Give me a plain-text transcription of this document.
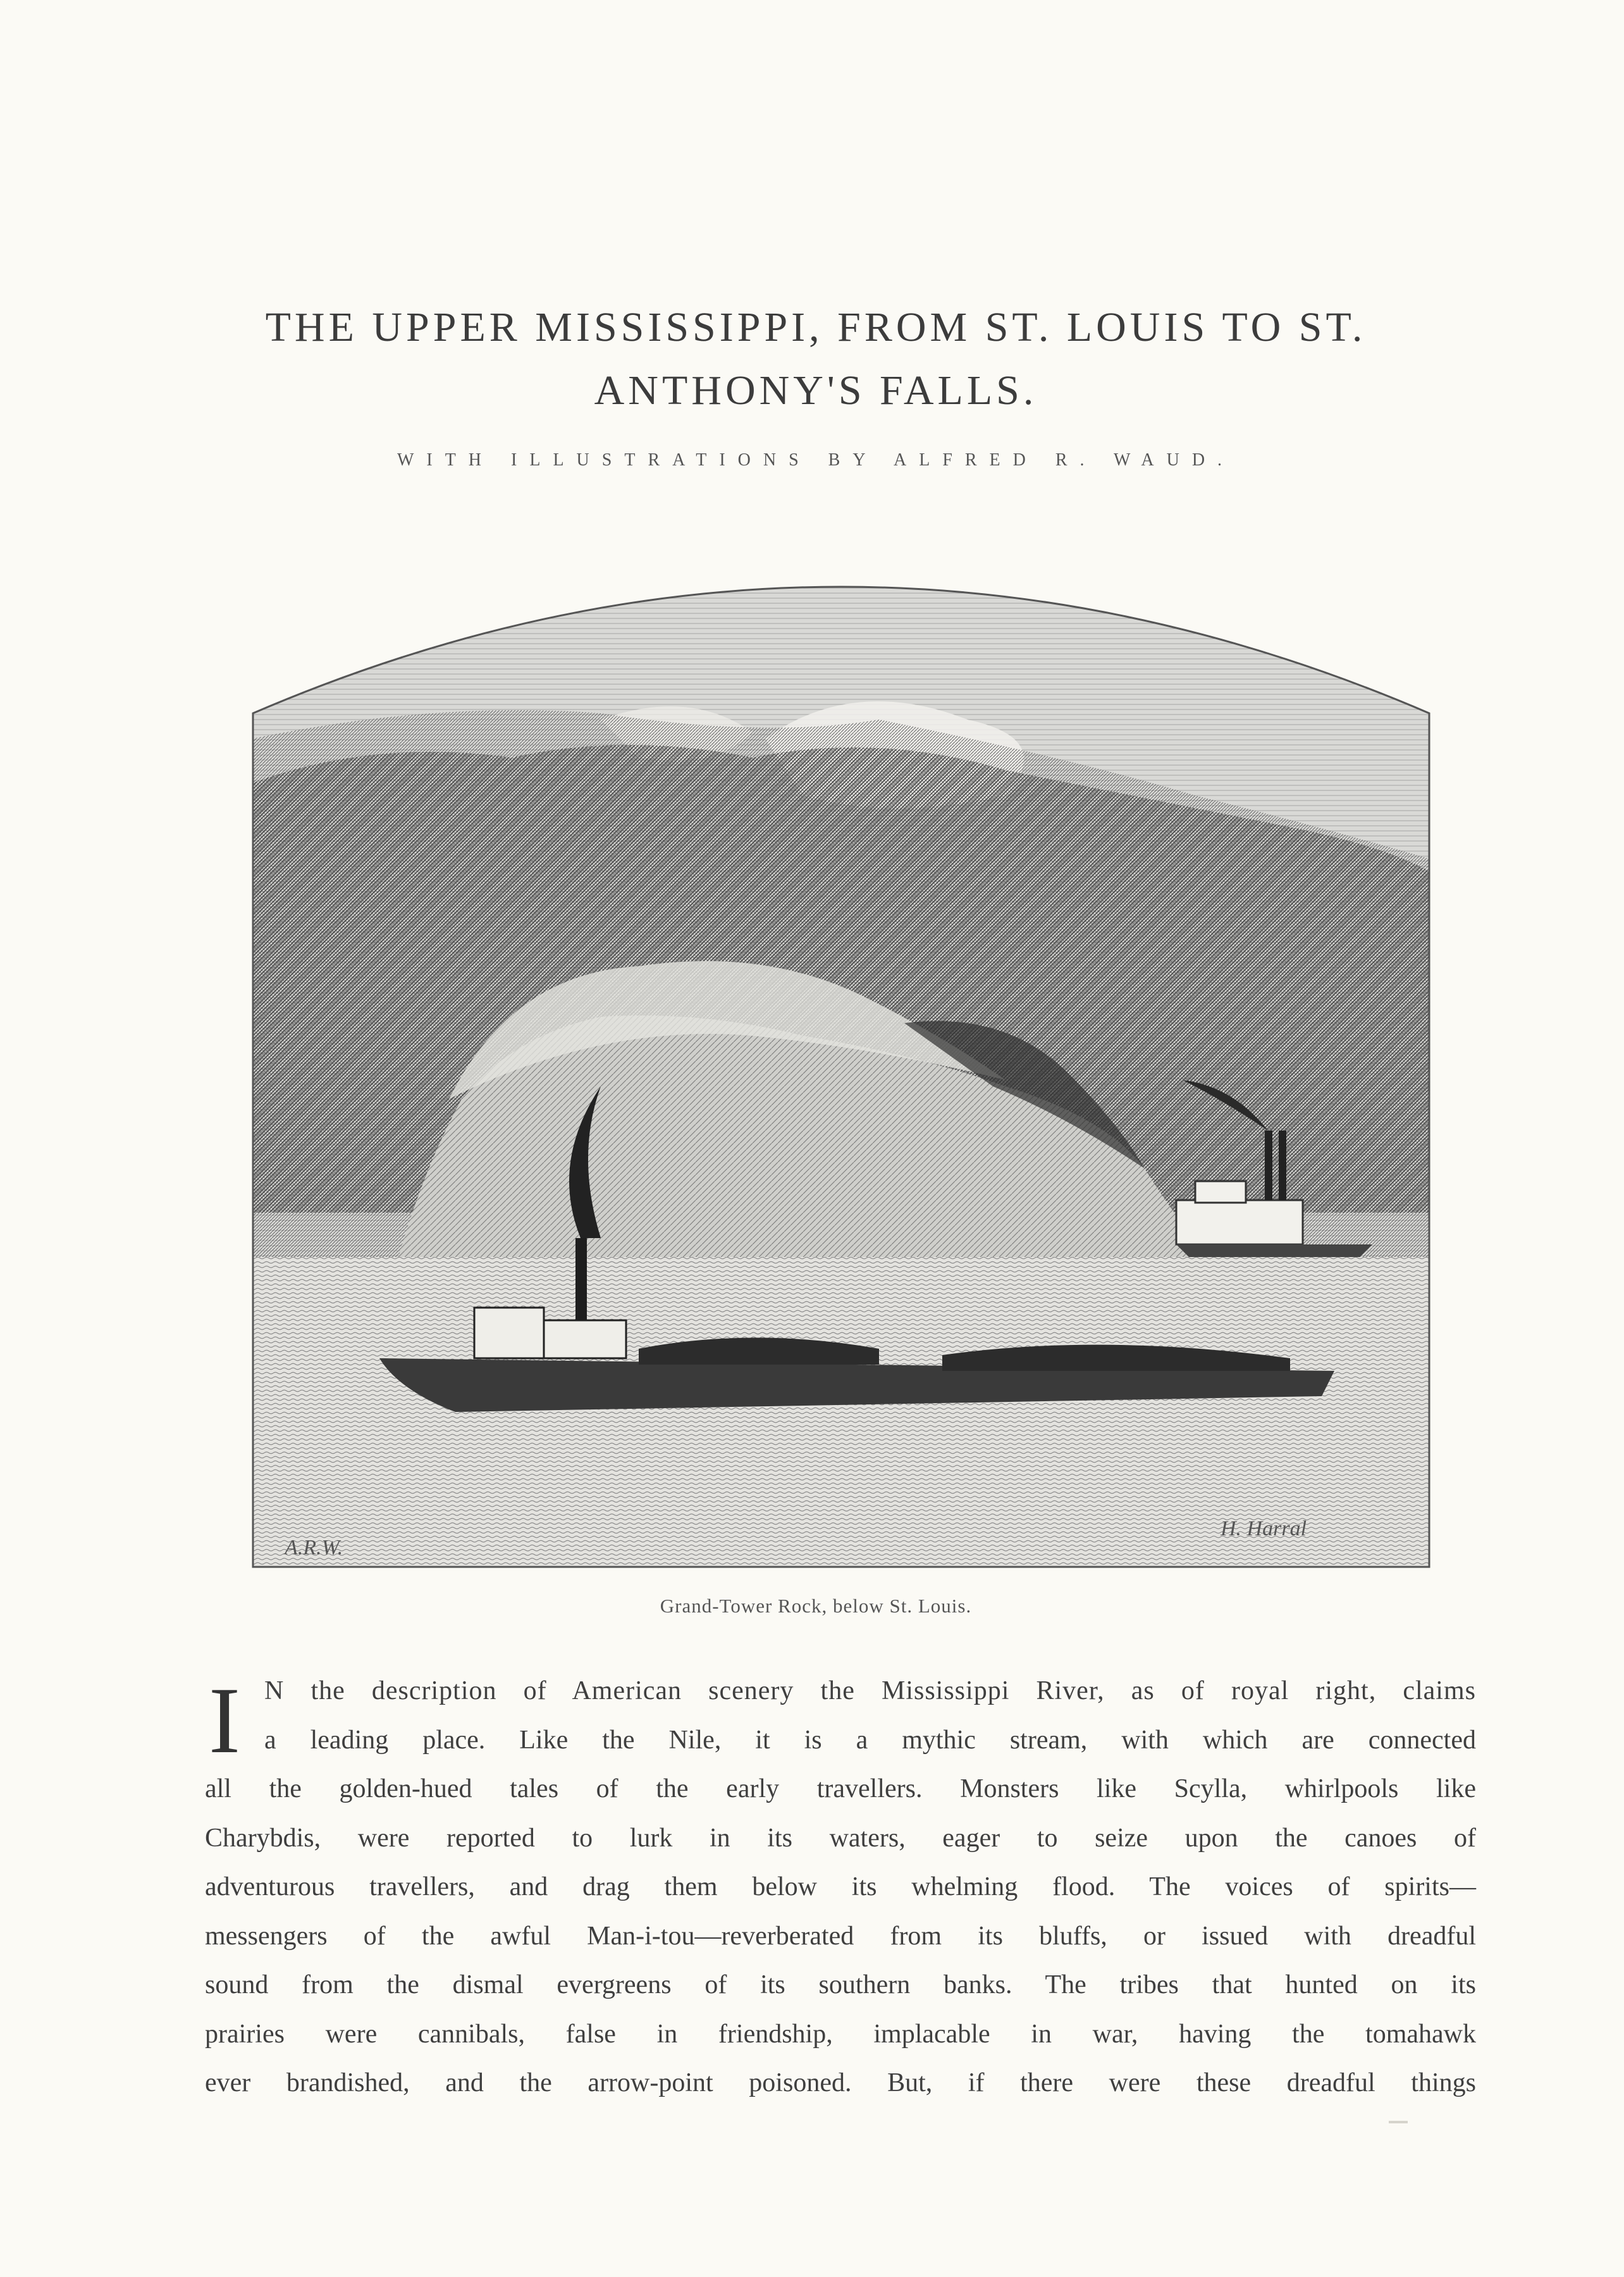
THE UPPER MISSISSIPPI, FROM ST. LOUIS TO ST.
ANTHONY'S FALLS.
WITH ILLUSTRATIONS BY ALFRED R. WAUD.
A.R.W.
H. Harral
Grand-Tower Rock, below St. Louis.
I N the description of American scenery the Mississippi River, as of royal right, claims
a leading place. Like the Nile, it is a mythic stream, with which are connected
all the golden-hued tales of the early travellers. Monsters like Scylla, whirlpools like
Charybdis, were reported to lurk in its waters, eager to seize upon the canoes of
adventurous travellers, and drag them below its whelming flood. The voices of spirits—
messengers of the awful Man-i-tou—reverberated from its bluffs, or issued with dreadful
sound from the dismal evergreens of its southern banks. The tribes that hunted on its
prairies were cannibals, false in friendship, implacable in war, having the tomahawk
ever brandished, and the arrow-point poisoned. But, if there were these dreadful things
